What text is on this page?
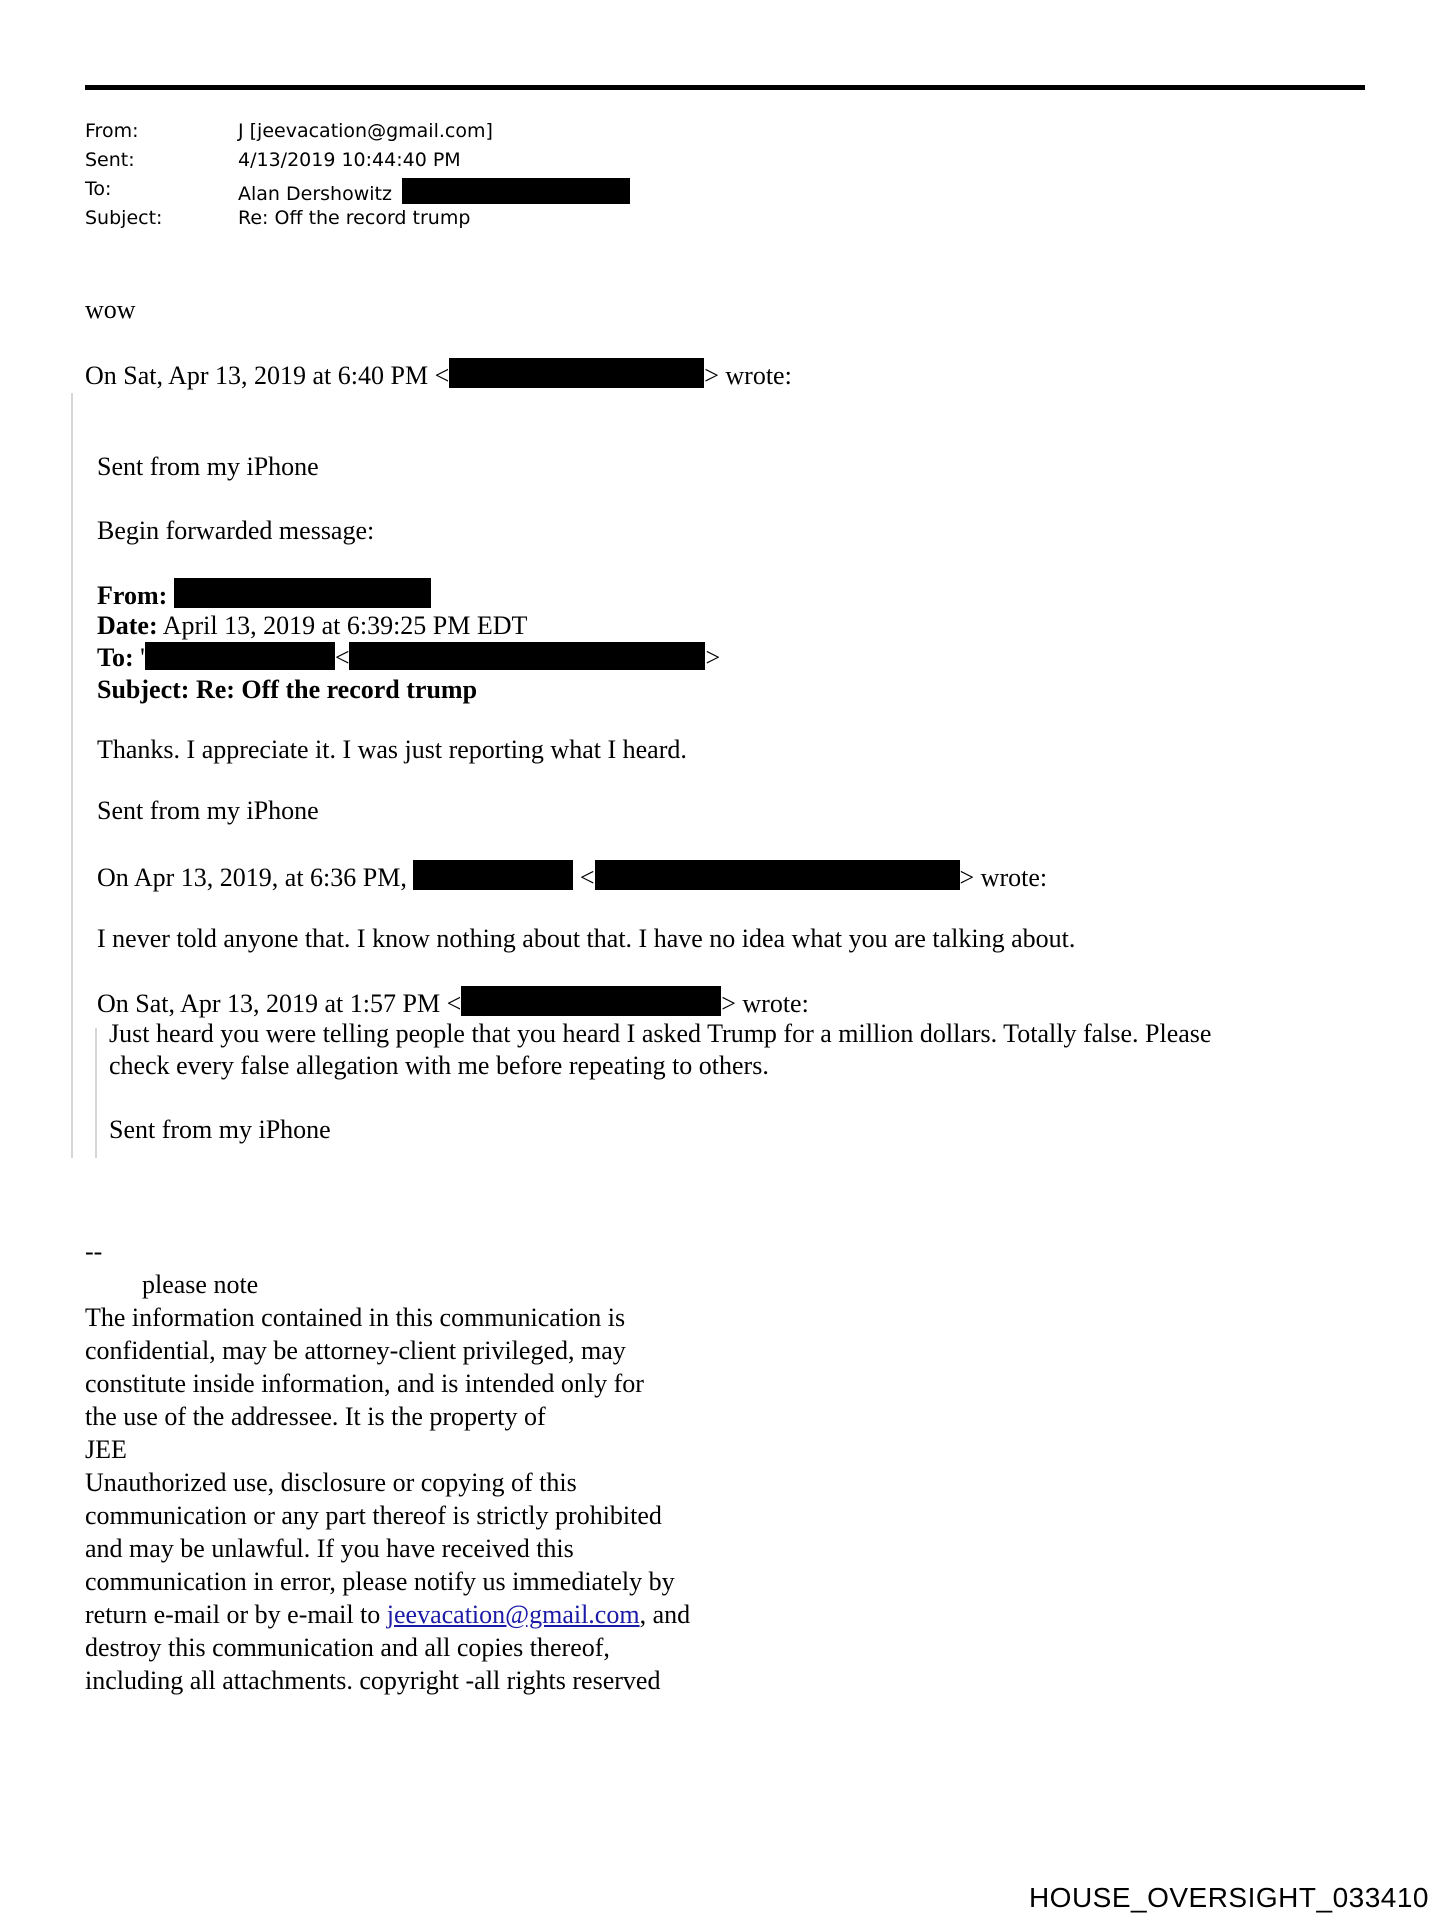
From:	J [jeevacation@gmail.com]
Sent:	4/13/2019 10:44:40 PM
To:	Alan Dershowitz
Subject:	Re: Off the record trump
wow
On Sat, Apr 13, 2019 at 6:40 PM <	> wrote:
Sent from my iPhone
Begin forwarded message:
From:
Date: April 13, 2019 at 6:39:25 PM EDT
To: '	<	>
Subject: Re: Off the record trump
Thanks. I appreciate it. I was just reporting what I heard.
Sent from my iPhone
On Apr 13, 2019, at 6:36 PM,	<	> wrote:
I never told anyone that. I know nothing about that. I have no idea what you are talking about.
On Sat, Apr 13, 2019 at 1:57 PM <	> wrote:
Just heard you were telling people that you heard I asked Trump for a million dollars. Totally false. Please
check every false allegation with me before repeating to others.
Sent from my iPhone
--
please note
The information contained in this communication is
confidential, may be attorney-client privileged, may
constitute inside information, and is intended only for
the use of the addressee. It is the property of
JEE
Unauthorized use, disclosure or copying of this
communication or any part thereof is strictly prohibited
and may be unlawful. If you have received this
communication in error, please notify us immediately by
return e-mail or by e-mail to jeevacation@gmail.com, and
destroy this communication and all copies thereof,
including all attachments. copyright -all rights reserved
HOUSE_OVERSIGHT_033410
